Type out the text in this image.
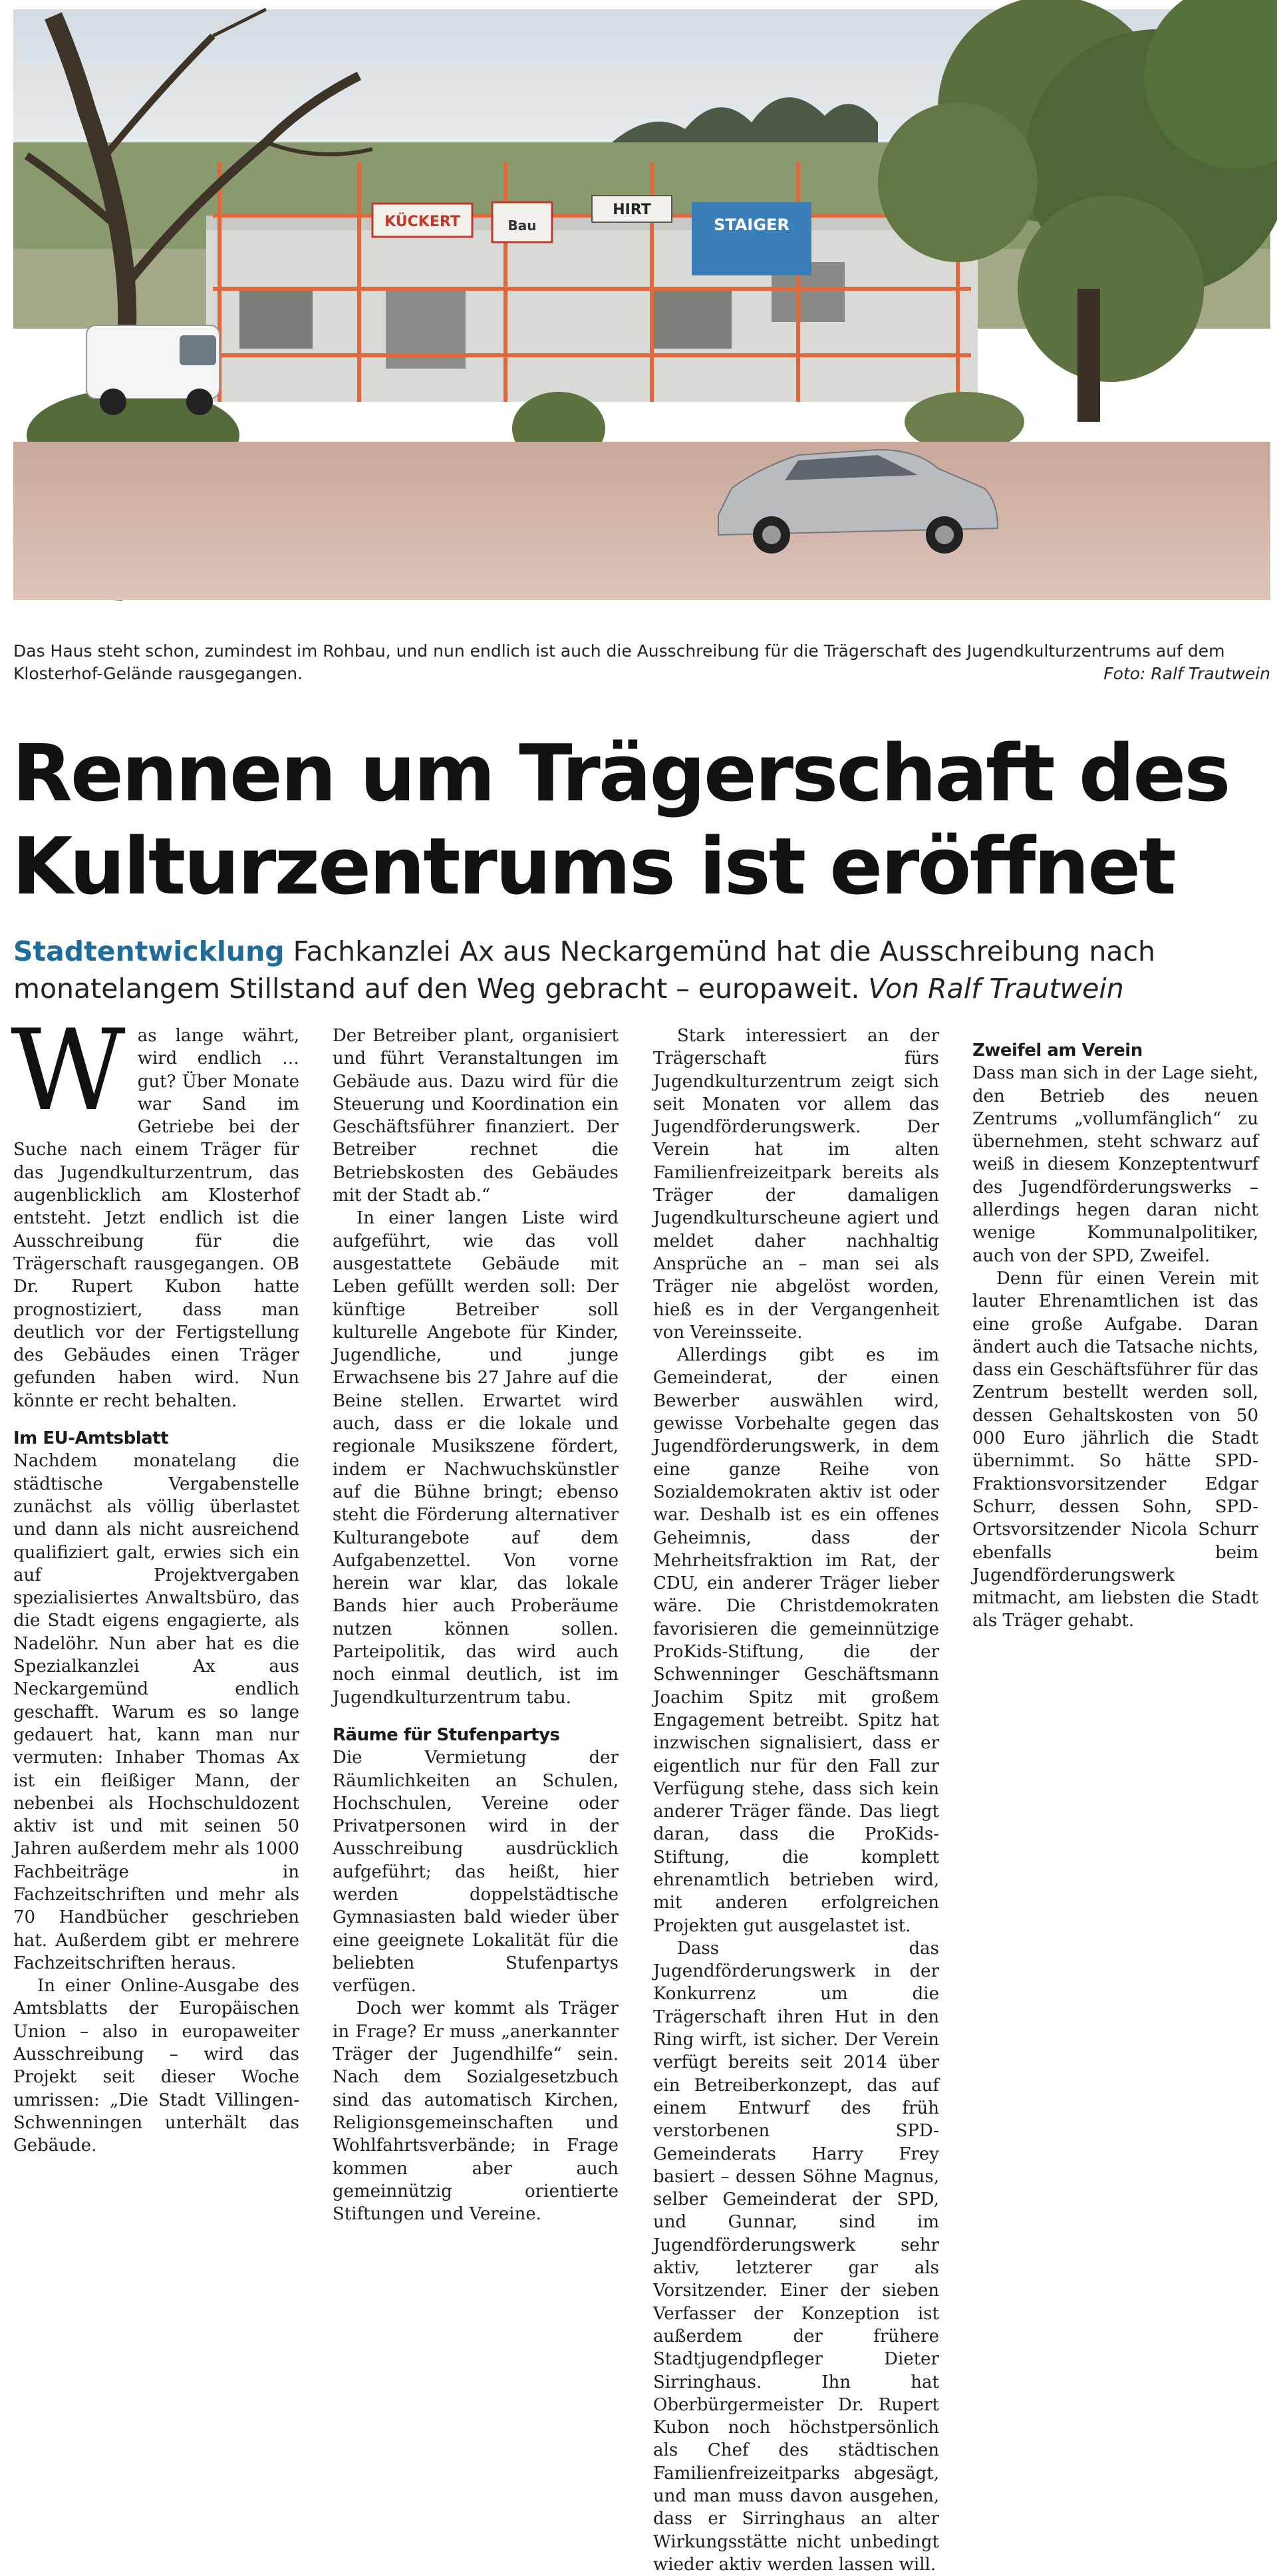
KÜCKERT	Bau
HIRT
STAIGER
Das Haus steht schon, zumindest im Rohbau, und nun endlich ist auch die Ausschreibung für die Trägerschaft des Jugendkulturzentrums auf dem Klosterhof-Gelände rausgegangen.	Foto: Ralf Trautwein
Rennen um Trägerschaft des
Kulturzentrums ist eröffnet
Stadtentwicklung Fachkanzlei Ax aus Neckargemünd hat die Ausschreibung nach monatelangem Stillstand auf den Weg gebracht – europaweit. Von Ralf Trautwein

Was lange währt, wird endlich … gut? Über Monate war Sand im Getriebe bei der Suche nach einem Träger für das Jugendkulturzentrum, das augenblicklich am Klosterhof entsteht. Jetzt endlich ist die Ausschreibung für die Trägerschaft rausgegangen. OB Dr. Rupert Kubon hatte prognostiziert, dass man deutlich vor der Fertigstellung des Gebäudes einen Träger gefunden haben wird. Nun könnte er recht behalten.

Im EU-Amtsblatt

Nachdem monatelang die städtische Vergabenstelle zunächst als völlig überlastet und dann als nicht ausreichend qualifiziert galt, erwies sich ein auf Projektvergaben spezialisiertes Anwaltsbüro, das die Stadt eigens engagierte, als Nadelöhr. Nun aber hat es die Spezialkanzlei Ax aus Neckargemünd endlich geschafft. Warum es so lange gedauert hat, kann man nur vermuten: Inhaber Thomas Ax ist ein fleißiger Mann, der nebenbei als Hochschuldozent aktiv ist und mit seinen 50 Jahren außerdem mehr als 1000 Fachbeiträge in Fachzeitschriften und mehr als 70 Handbücher geschrieben hat. Außerdem gibt er mehrere Fachzeitschriften heraus.

In einer Online-Ausgabe des Amtsblatts der Europäischen Union – also in europaweiter Ausschreibung – wird das Projekt seit dieser Woche umrissen: „Die Stadt Villingen-Schwenningen unterhält das Gebäude.

Der Betreiber plant, organisiert und führt Veranstaltungen im Gebäude aus. Dazu wird für die Steuerung und Koordination ein Geschäftsführer finanziert. Der Betreiber rechnet die Betriebskosten des Gebäudes mit der Stadt ab.“

In einer langen Liste wird aufgeführt, wie das voll ausgestattete Gebäude mit Leben gefüllt werden soll: Der künftige Betreiber soll kulturelle Angebote für Kinder, Jugendliche, und junge Erwachsene bis 27 Jahre auf die Beine stellen. Erwartet wird auch, dass er die lokale und regionale Musikszene fördert, indem er Nachwuchskünstler auf die Bühne bringt; ebenso steht die Förderung alternativer Kulturangebote auf dem Aufgabenzettel. Von vorne herein war klar, das lokale Bands hier auch Proberäume nutzen können sollen. Parteipolitik, das wird auch noch einmal deutlich, ist im Jugendkulturzentrum tabu.

Räume für Stufenpartys

Die Vermietung der Räumlichkeiten an Schulen, Hochschulen, Vereine oder Privatpersonen wird in der Ausschreibung ausdrücklich aufgeführt; das heißt, hier werden doppelstädtische Gymnasiasten bald wieder über eine geeignete Lokalität für die beliebten Stufenpartys verfügen.

Doch wer kommt als Träger in Frage? Er muss „anerkannter Träger der Jugendhilfe“ sein. Nach dem Sozialgesetzbuch sind das automatisch Kirchen, Religionsgemeinschaften und Wohlfahrtsverbände; in Frage kommen aber auch gemeinnützig orientierte Stiftungen und Vereine.

Stark interessiert an der Trägerschaft fürs Jugendkulturzentrum zeigt sich seit Monaten vor allem das Jugendförderungswerk. Der Verein hat im alten Familienfreizeitpark bereits als Träger der damaligen Jugendkulturscheune agiert und meldet daher nachhaltig Ansprüche an – man sei als Träger nie abgelöst worden, hieß es in der Vergangenheit von Vereinsseite.

Allerdings gibt es im Gemeinderat, der einen Bewerber auswählen wird, gewisse Vorbehalte gegen das Jugendförderungswerk, in dem eine ganze Reihe von Sozialdemokraten aktiv ist oder war. Deshalb ist es ein offenes Geheimnis, dass der Mehrheitsfraktion im Rat, der CDU, ein anderer Träger lieber wäre. Die Christdemokraten favorisieren die gemeinnützige ProKids-Stiftung, die der Schwenninger Geschäftsmann Joachim Spitz mit großem Engagement betreibt. Spitz hat inzwischen signalisiert, dass er eigentlich nur für den Fall zur Verfügung stehe, dass sich kein anderer Träger fände. Das liegt daran, dass die ProKids-Stiftung, die komplett ehrenamtlich betrieben wird, mit anderen erfolgreichen Projekten gut ausgelastet ist.

Dass das Jugendförderungswerk in der Konkurrenz um die Trägerschaft ihren Hut in den Ring wirft, ist sicher. Der Verein verfügt bereits seit 2014 über ein Betreiberkonzept, das auf einem Entwurf des früh verstorbenen SPD-Gemeinderats Harry Frey basiert – dessen Söhne Magnus, selber Gemeinderat der SPD, und Gunnar, sind im Jugendförderungswerk sehr aktiv, letzterer gar als Vorsitzender. Einer der sieben Verfasser der Konzeption ist außerdem der frühere Stadtjugendpfleger Dieter Sirringhaus. Ihn hat Oberbürgermeister Dr. Rupert Kubon noch höchstpersönlich als Chef des städtischen Familienfreizeitparks abgesägt, und man muss davon ausgehen, dass er Sirringhaus an alter Wirkungsstätte nicht unbedingt wieder aktiv werden lassen will.

Zweifel am Verein

Dass man sich in der Lage sieht, den Betrieb des neuen Zentrums „vollumfänglich“ zu übernehmen, steht schwarz auf weiß in diesem Konzeptentwurf des Jugendförderungswerks – allerdings hegen daran nicht wenige Kommunalpolitiker, auch von der SPD, Zweifel.

Denn für einen Verein mit lauter Ehrenamtlichen ist das eine große Aufgabe. Daran ändert auch die Tatsache nichts, dass ein Geschäftsführer für das Zentrum bestellt werden soll, dessen Gehaltskosten von 50 000 Euro jährlich die Stadt übernimmt. So hätte SPD-Fraktionsvorsitzender Edgar Schurr, dessen Sohn, SPD-Ortsvorsitzender Nicola Schurr ebenfalls beim Jugendförderungswerk mitmacht, am liebsten die Stadt als Träger gehabt.
